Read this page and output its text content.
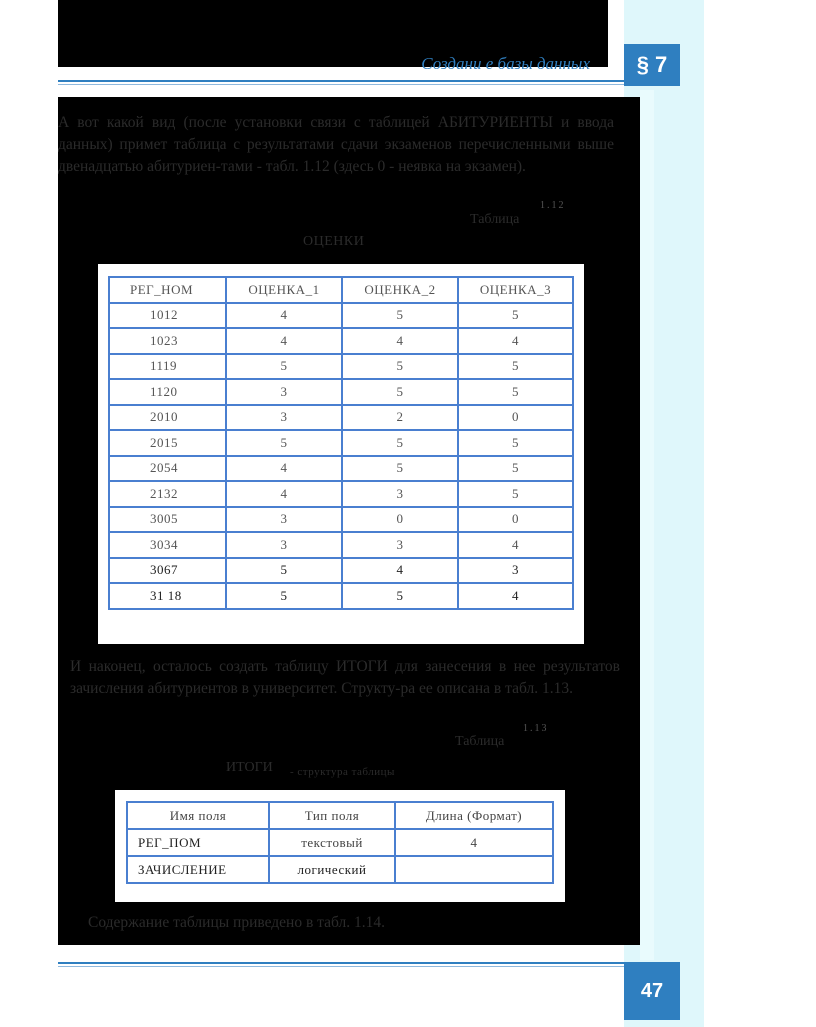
§ 7
47
Создани е базы данных
А вот какой вид (после установки связи с таблицей АБИТУРИЕНТЫ и ввода данных) примет таблица с результатами сдачи экзаменов перечисленными выше двенадцатью абитуриен-тами - табл. 1.12 (здесь 0 - неявка на экзамен).
Таблица
1.12
ОЦЕНКИ
РЕГ_НОМ	ОЦЕНКА_1	ОЦЕНКА_2	ОЦЕНКА_3
1012	4	5	5
1023	4	4	4
1119	5	5	5
1120	3	5	5
2010	3	2	0
2015	5	5	5
2054	4	5	5
2132	4	3	5
3005	3	0	0
3034	3	3	4
3067	5	4	3
31 18	5	5	4
И наконец, осталось создать таблицу ИТОГИ для занесения в нее результатов зачисления абитуриентов в университет. Структу-ра ее описана в табл. 1.13.
Таблица
1.13
ИТОГИ - структура таблицы
Имя поля	Тип поля	Длина (Формат)
РЕГ_ПОМ	текстовый	4
ЗАЧИСЛЕНИЕ	логический	
Содержание таблицы приведено в табл. 1.14.
